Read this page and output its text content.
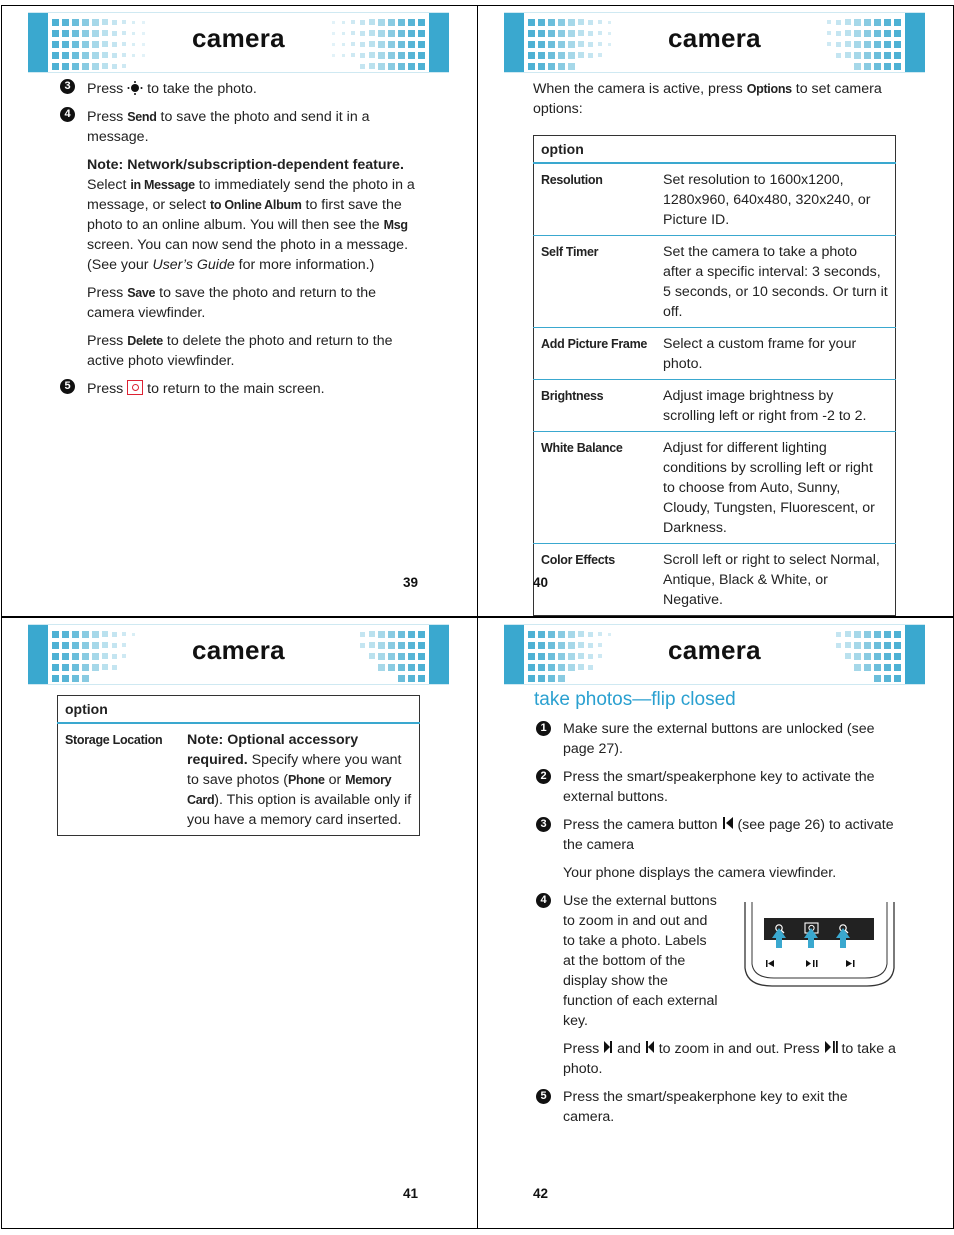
camera
3	Press  to take the photo.
4	Press Send to save the photo and send it in a message.
Note: Network/subscription-dependent feature. Select in Message to immediately send the photo in a message, or select to Online Album to first save the photo to an online album. You will then see the Msg screen. You can now send the photo in a message. (See your User’s Guide for more information.)
Press Save to save the photo and return to the camera viewfinder.
Press Delete to delete the photo and return to the active photo viewfinder.
5	Press  to return to the main screen.
39
camera
When the camera is active, press Options to set camera options:
option	
Resolution	Set resolution to 1600x1200, 1280x960, 640x480, 320x240, or Picture ID.
Self Timer	Set the camera to take a photo after a specific interval: 3 seconds, 5 seconds, or 10 seconds. Or turn it off.
Add Picture Frame	Select a custom frame for your photo.
Brightness	Adjust image brightness by scrolling left or right from -2 to 2.
White Balance	Adjust for different lighting conditions by scrolling left or right to choose from Auto, Sunny, Cloudy, Tungsten, Fluorescent, or Darkness.
Color Effects	Scroll left or right to select Normal, Antique, Black & White, or Negative.
40
camera
option
Storage Location	Note: Optional accessory required. Specify where you want to save photos (Phone or Memory Card). This option is available only if you have a memory card inserted.
41
camera
take photos—flip closed
1	Make sure the external buttons are unlocked (see page 27).
2	Press the smart/speakerphone key to activate the external buttons.
3	Press the camera button  (see page 26) to activate the camera
Your phone displays the camera viewfinder.
4	Use the external buttons to zoom in and out and to take a photo. Labels at the bottom of the display show the function of each external key.
Press  and  to zoom in and out. Press  to take a photo.
5	Press the smart/speakerphone key to exit the camera.
42
